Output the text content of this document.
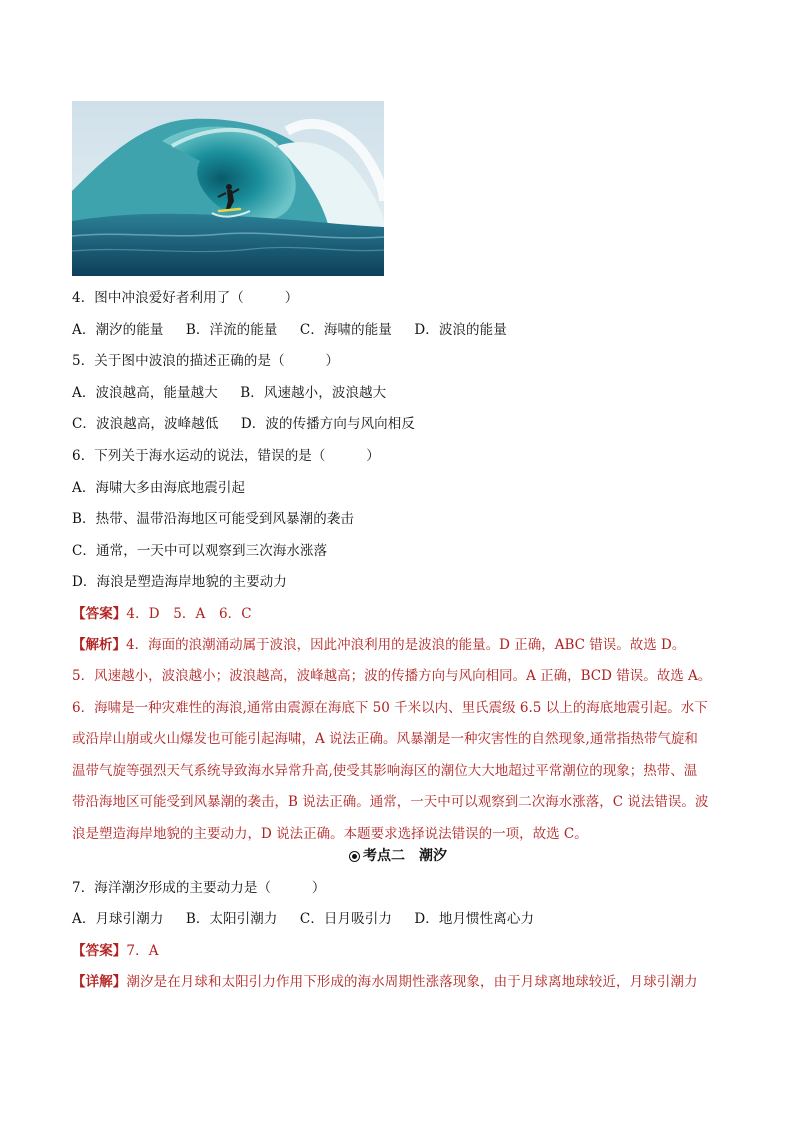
4．图中冲浪爱好者利用了（　　　）
A．潮汐的能量 B．洋流的能量 C．海啸的能量 D．波浪的能量
5．关于图中波浪的描述正确的是（　　　）
A．波浪越高，能量越大 B．风速越小，波浪越大
C．波浪越高，波峰越低 D．波的传播方向与风向相反
6．下列关于海水运动的说法，错误的是（　　　）
A．海啸大多由海底地震引起
B．热带、温带沿海地区可能受到风暴潮的袭击
C．通常，一天中可以观察到三次海水涨落
D．海浪是塑造海岸地貌的主要动力
【答案】4．D　5．A　6．C
【解析】4．海面的浪潮涌动属于波浪，因此冲浪利用的是波浪的能量。D 正确，ABC 错误。故选 D。
5．风速越小，波浪越小；波浪越高，波峰越高；波的传播方向与风向相同。A 正确，BCD 错误。故选 A。
6．海啸是一种灾难性的海浪,通常由震源在海底下 50 千米以内、里氏震级 6.5 以上的海底地震引起。水下
或沿岸山崩或火山爆发也可能引起海啸，A 说法正确。风暴潮是一种灾害性的自然现象,通常指热带气旋和
温带气旋等强烈天气系统导致海水异常升高,使受其影响海区的潮位大大地超过平常潮位的现象；热带、温
带沿海地区可能受到风暴潮的袭击，B 说法正确。通常，一天中可以观察到二次海水涨落，C 说法错误。波
浪是塑造海岸地貌的主要动力，D 说法正确。本题要求选择说法错误的一项，故选 C。
考点二　潮汐
7．海洋潮汐形成的主要动力是（　　　）
A．月球引潮力 B．太阳引潮力 C．日月吸引力 D．地月惯性离心力
【答案】7．A
【详解】潮汐是在月球和太阳引力作用下形成的海水周期性涨落现象，由于月球离地球较近，月球引潮力
